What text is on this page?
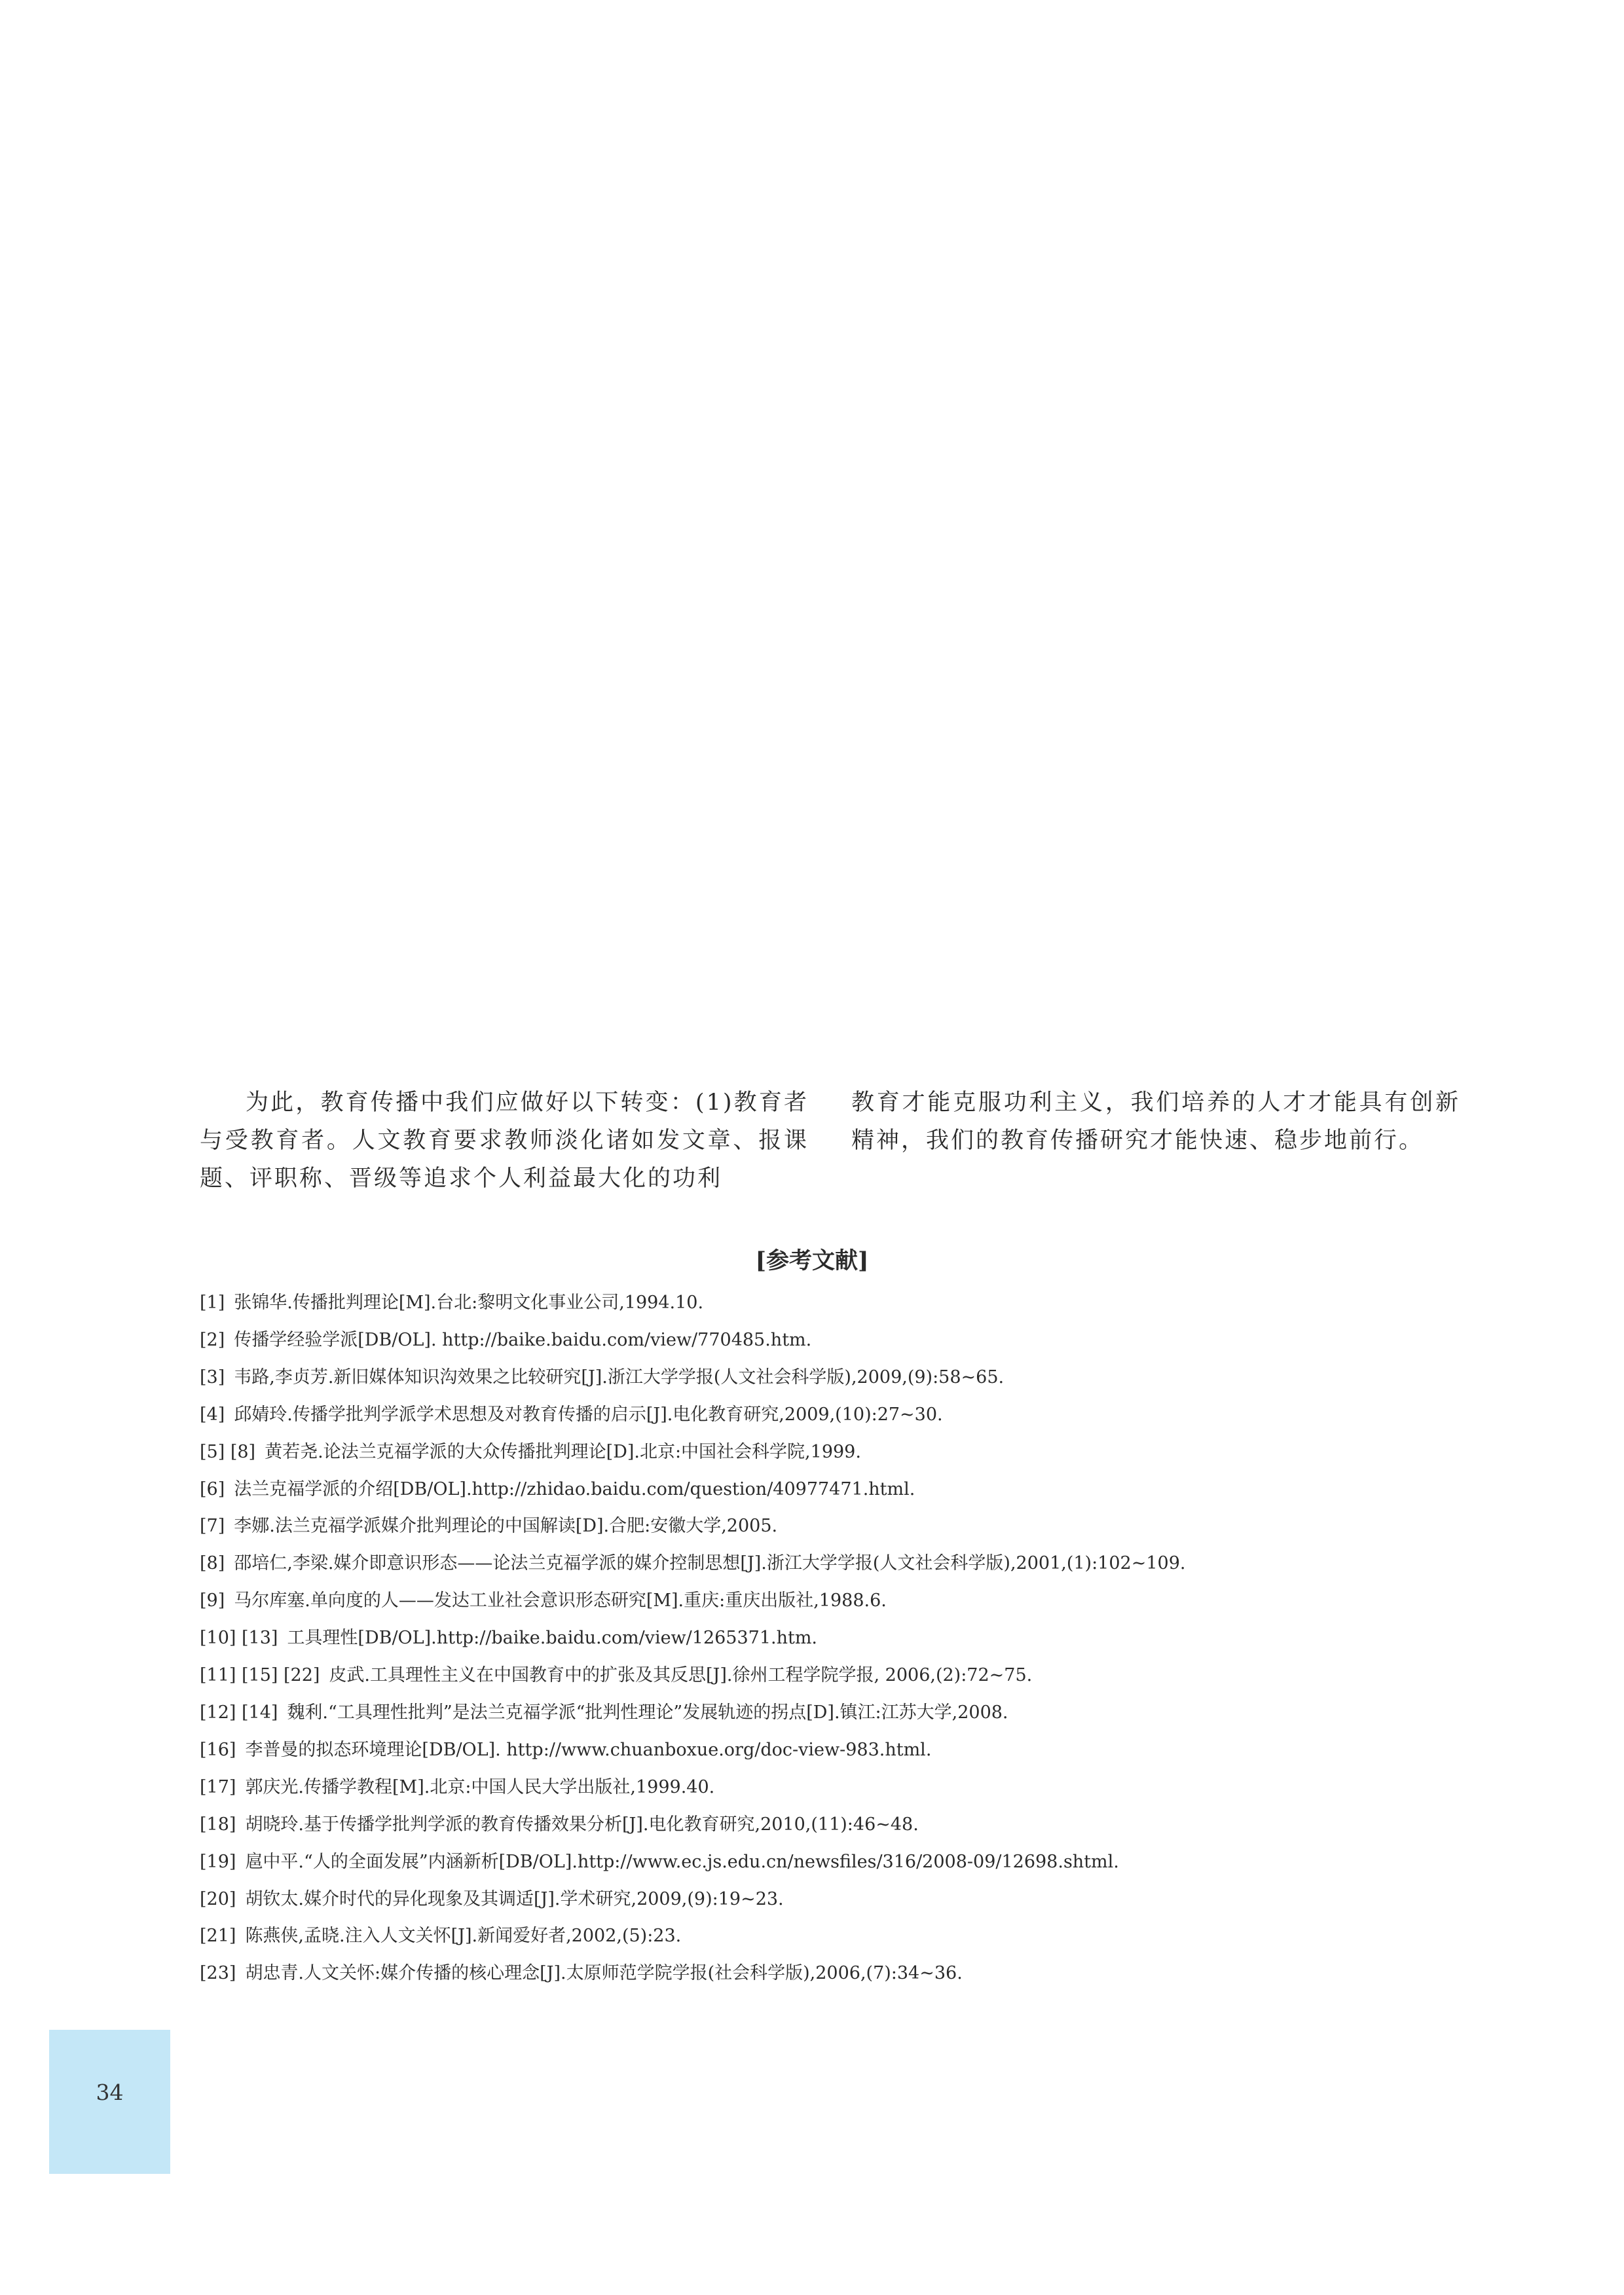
为此，教育传播中我们应做好以下转变：(1)教育者与受教育者。人文教育要求教师淡化诸如发文章、报课题、评职称、晋级等追求个人利益最大化的功利

教育才能克服功利主义，我们培养的人才才能具有创新精神，我们的教育传播研究才能快速、稳步地前行。

[参考文献]
[1] 张锦华.传播批判理论[M].台北:黎明文化事业公司,1994.10.
[2] 传播学经验学派[DB/OL]. http://baike.baidu.com/view/770485.htm.
[3] 韦路,李贞芳.新旧媒体知识沟效果之比较研究[J].浙江大学学报(人文社会科学版),2009,(9):58~65.
[4] 邱婧玲.传播学批判学派学术思想及对教育传播的启示[J].电化教育研究,2009,(10):27~30.
[5] [8] 黄若尧.论法兰克福学派的大众传播批判理论[D].北京:中国社会科学院,1999.
[6] 法兰克福学派的介绍[DB/OL].http://zhidao.baidu.com/question/40977471.html.
[7] 李娜.法兰克福学派媒介批判理论的中国解读[D].合肥:安徽大学,2005.
[8] 邵培仁,李梁.媒介即意识形态——论法兰克福学派的媒介控制思想[J].浙江大学学报(人文社会科学版),2001,(1):102~109.
[9] 马尔库塞.单向度的人——发达工业社会意识形态研究[M].重庆:重庆出版社,1988.6.
[10] [13] 工具理性[DB/OL].http://baike.baidu.com/view/1265371.htm.
[11] [15] [22] 皮武.工具理性主义在中国教育中的扩张及其反思[J].徐州工程学院学报, 2006,(2):72~75.
[12] [14] 魏利.“工具理性批判”是法兰克福学派“批判性理论”发展轨迹的拐点[D].镇江:江苏大学,2008.
[16] 李普曼的拟态环境理论[DB/OL]. http://www.chuanboxue.org/doc-view-983.html.
[17] 郭庆光.传播学教程[M].北京:中国人民大学出版社,1999.40.
[18] 胡晓玲.基于传播学批判学派的教育传播效果分析[J].电化教育研究,2010,(11):46~48.
[19] 扈中平.“人的全面发展”内涵新析[DB/OL].http://www.ec.js.edu.cn/newsfiles/316/2008-09/12698.shtml.
[20] 胡钦太.媒介时代的异化现象及其调适[J].学术研究,2009,(9):19~23.
[21] 陈燕侠,孟晓.注入人文关怀[J].新闻爱好者,2002,(5):23.
[23] 胡忠青.人文关怀:媒介传播的核心理念[J].太原师范学院学报(社会科学版),2006,(7):34~36.
34
